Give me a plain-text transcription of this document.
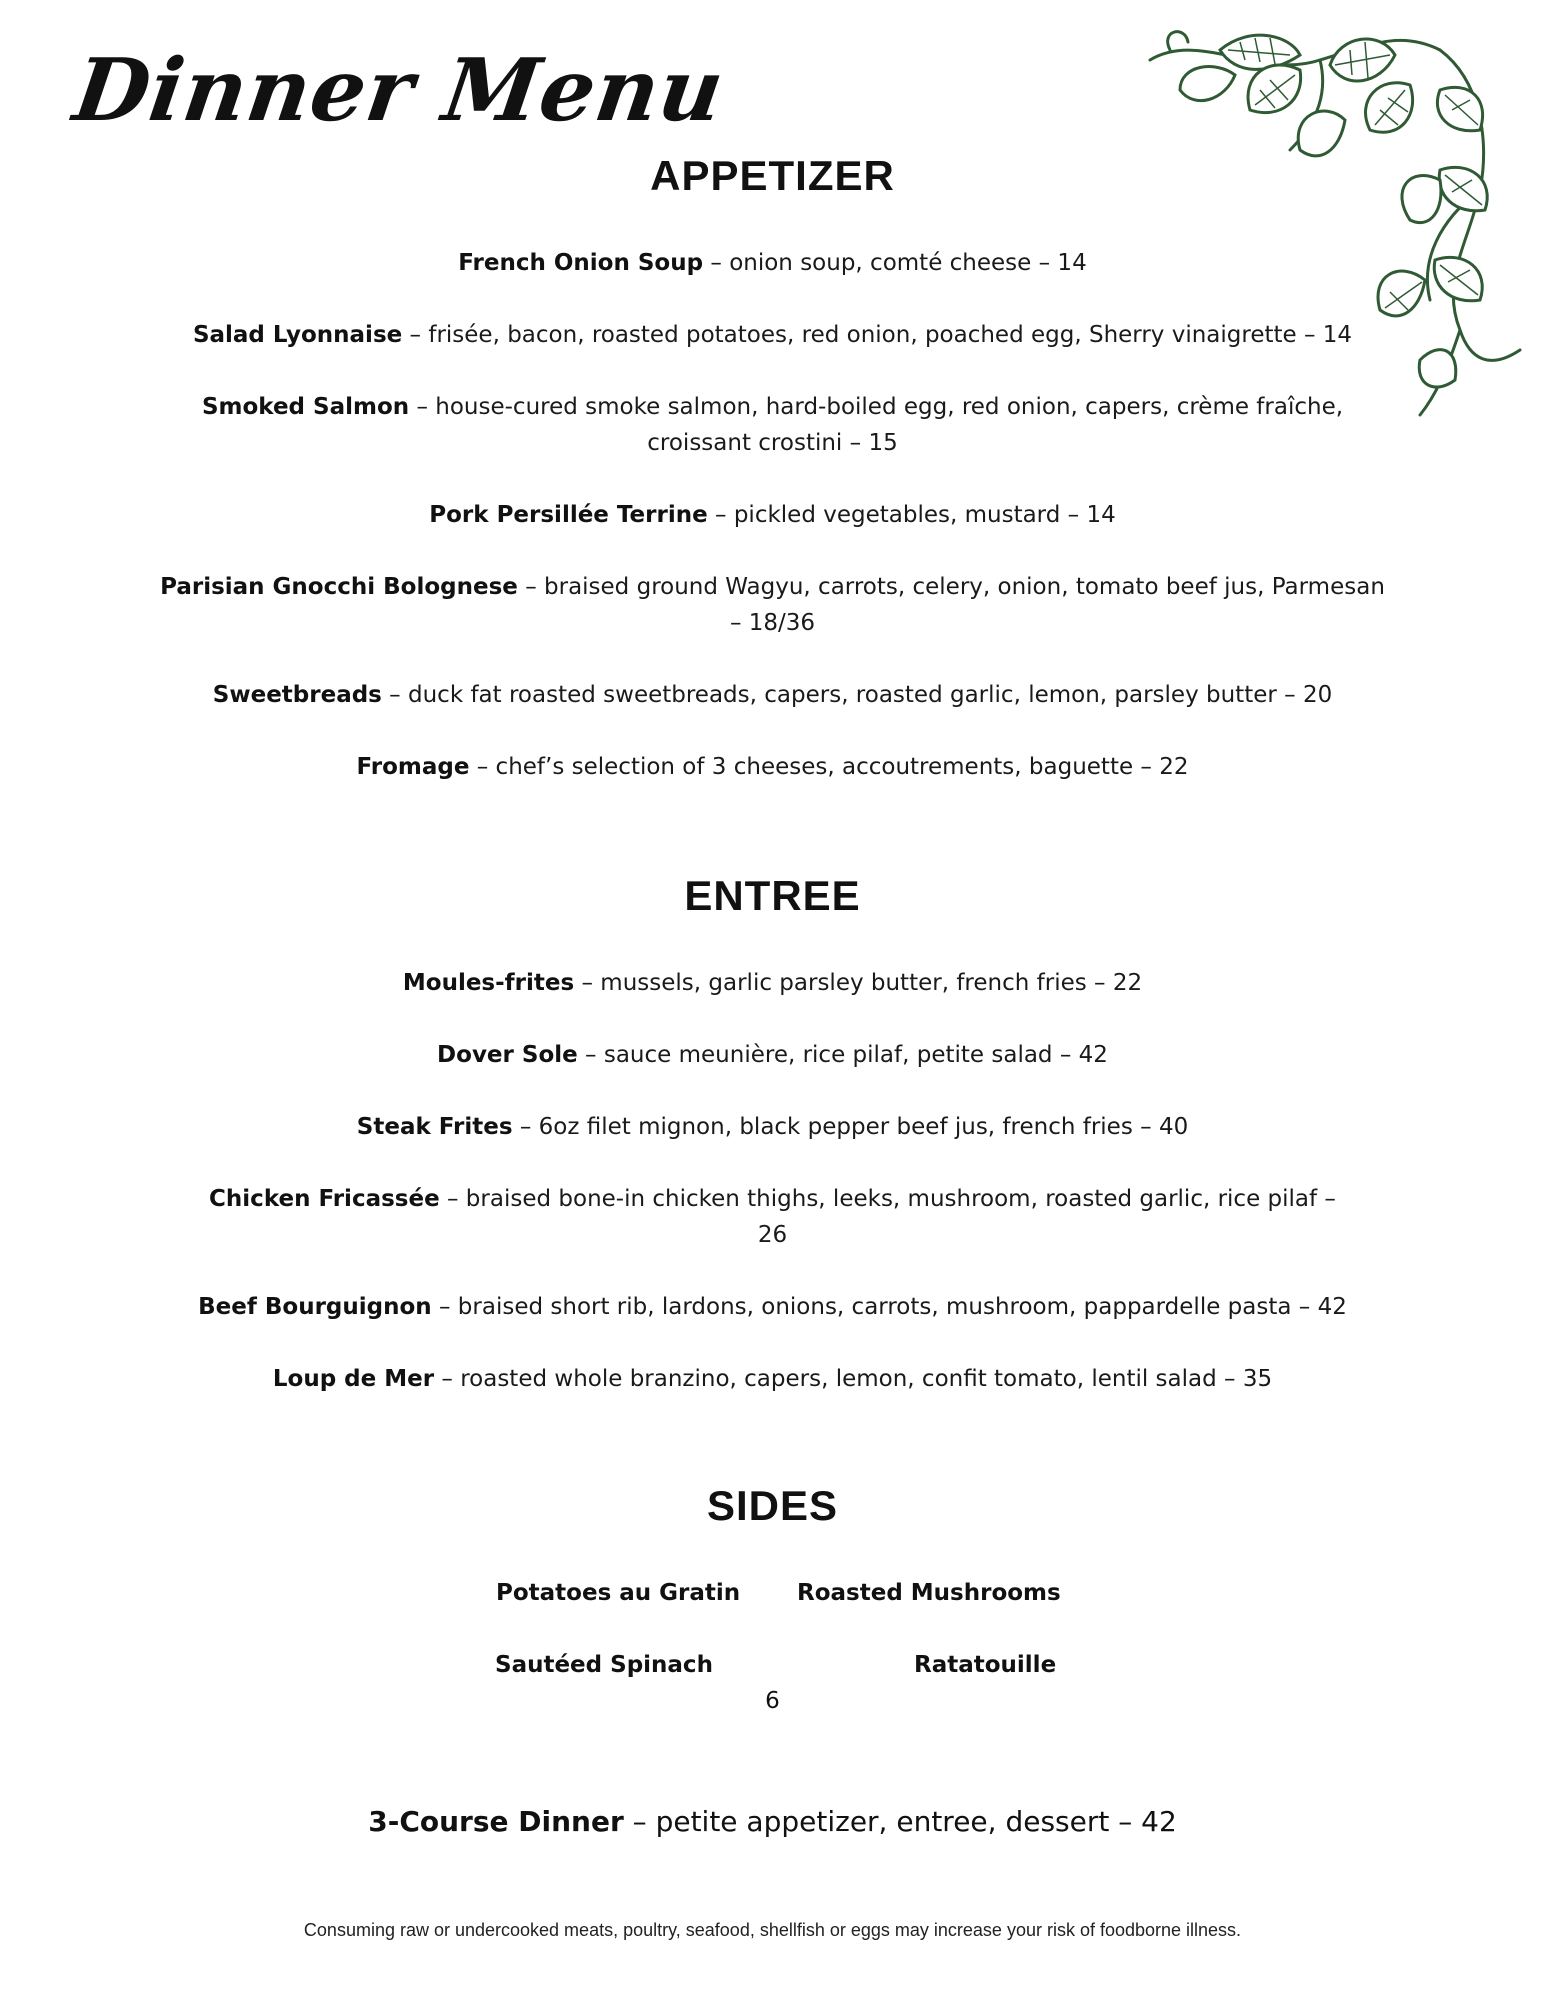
Dinner Menu
APPETIZER
French Onion Soup – onion soup, comté cheese – 14
Salad Lyonnaise – frisée, bacon, roasted potatoes, red onion, poached egg, Sherry vinaigrette – 14
Smoked Salmon – house-cured smoke salmon, hard-boiled egg, red onion, capers, crème fraîche, croissant crostini – 15
Pork Persillée Terrine – pickled vegetables, mustard – 14
Parisian Gnocchi Bolognese – braised ground Wagyu, carrots, celery, onion, tomato beef jus, Parmesan – 18/36
Sweetbreads – duck fat roasted sweetbreads, capers, roasted garlic, lemon, parsley butter – 20
Fromage – chef’s selection of 3 cheeses, accoutrements, baguette – 22
ENTREE
Moules-frites – mussels, garlic parsley butter, french fries – 22
Dover Sole – sauce meunière, rice pilaf, petite salad – 42
Steak Frites – 6oz filet mignon, black pepper beef jus, french fries – 40
Chicken Fricassée – braised bone-in chicken thighs, leeks, mushroom, roasted garlic, rice pilaf – 26
Beef Bourguignon – braised short rib, lardons, onions, carrots, mushroom, pappardelle pasta – 42
Loup de Mer – roasted whole branzino, capers, lemon, confit tomato, lentil salad – 35
SIDES
Potatoes au Gratin Roasted Mushrooms
Sautéed Spinach	Ratatouille
6
3-Course Dinner – petite appetizer, entree, dessert – 42
Consuming raw or undercooked meats, poultry, seafood, shellfish or eggs may increase your risk of foodborne illness.
